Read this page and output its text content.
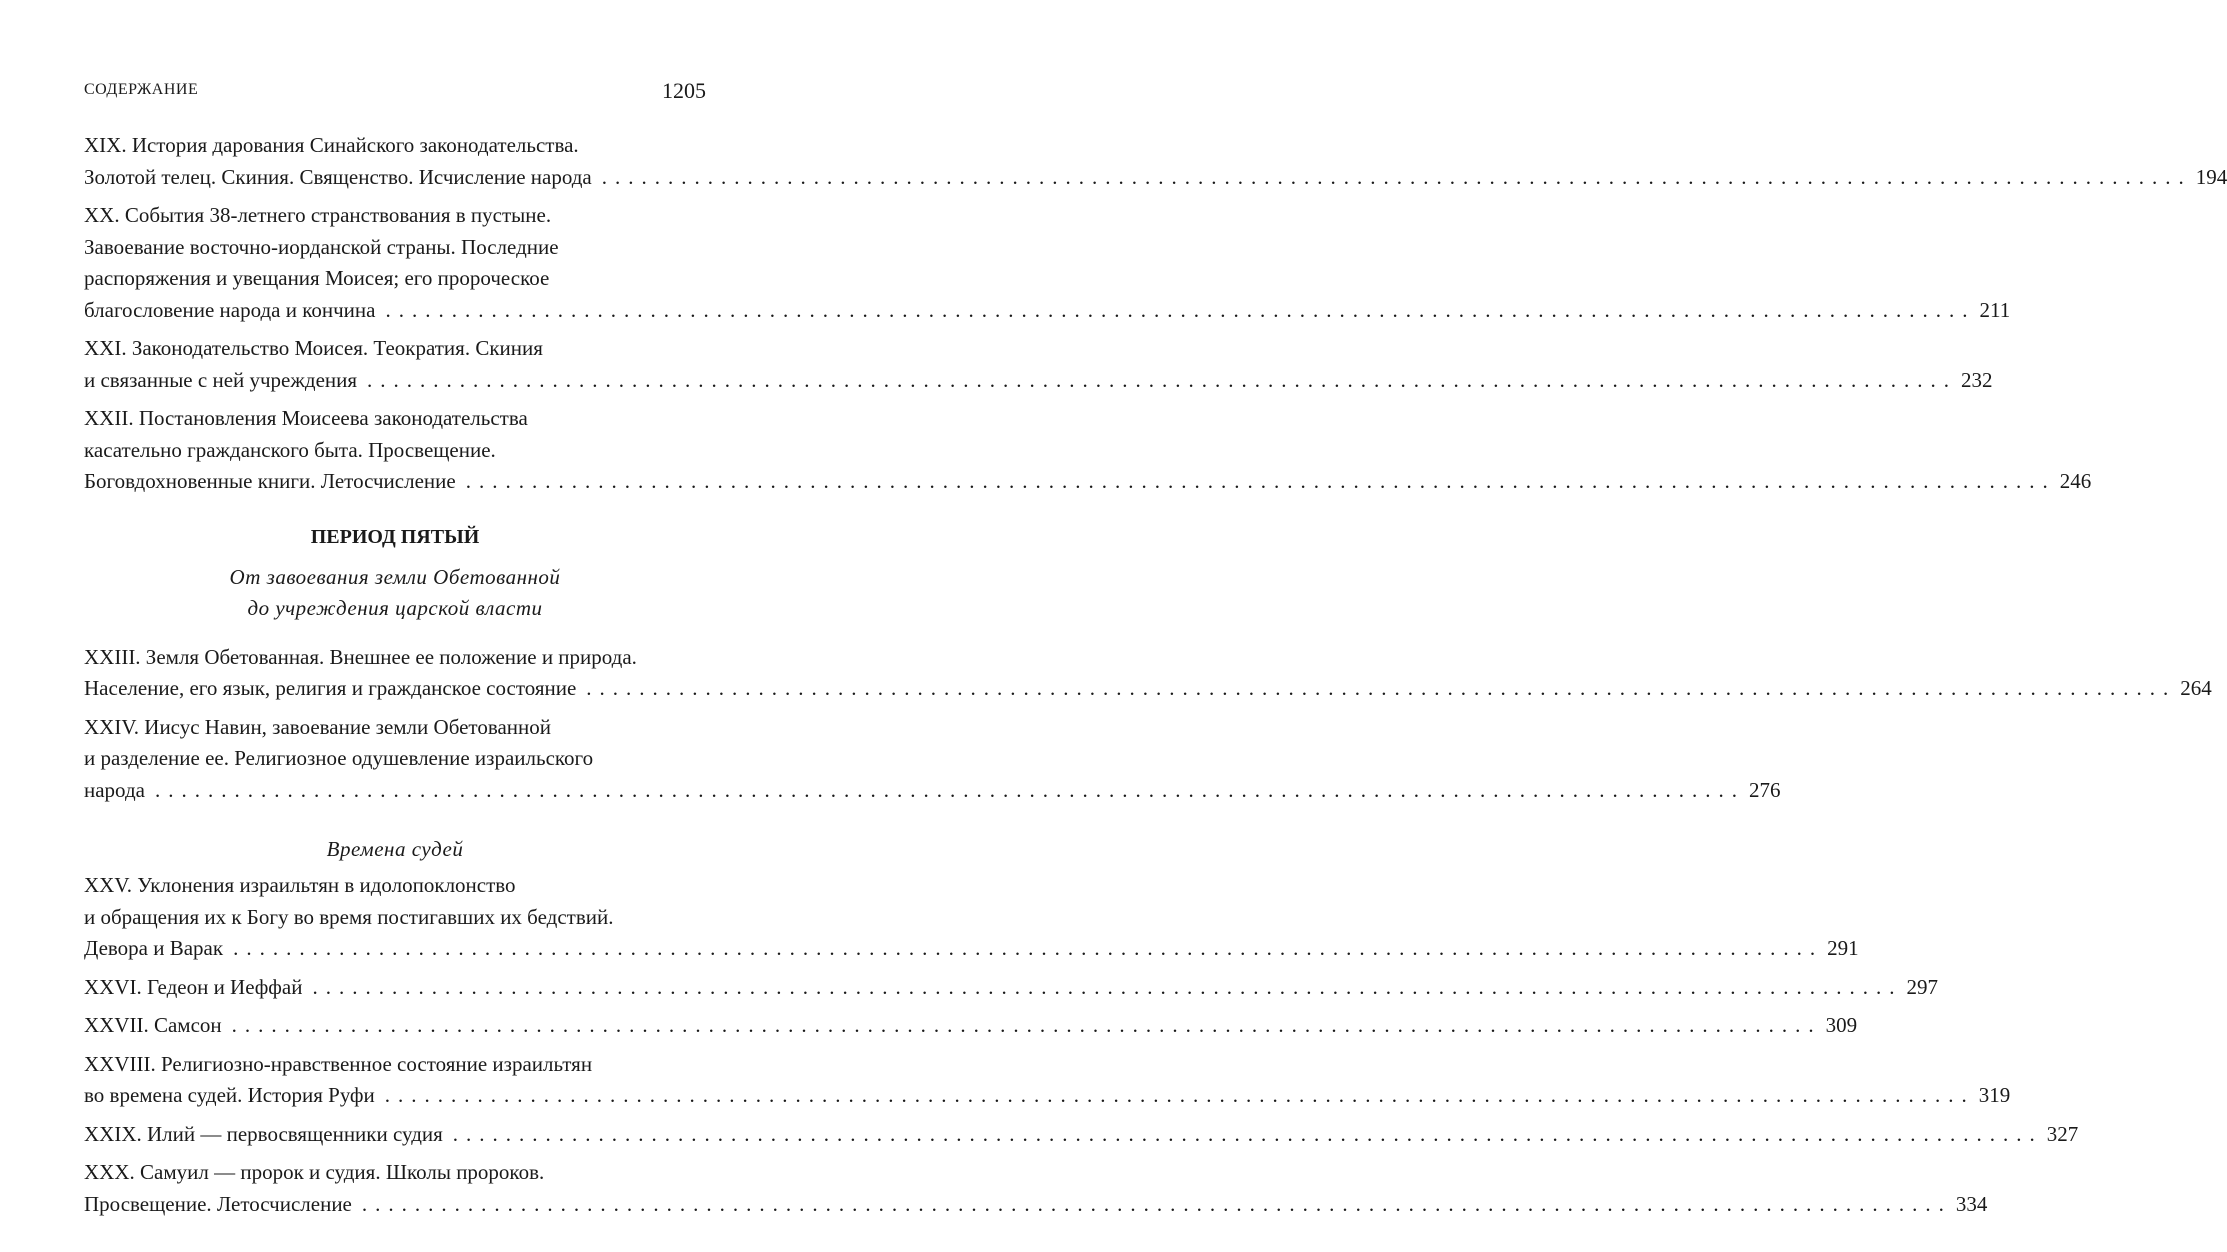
СОДЕРЖАНИЕ	1205
XIX. История дарования Синайского законодательства.
Золотой телец. Скиния. Священство. Исчисление народа ........................................................................................................................ 194
XX. События 38-летнего странствования в пустыне.
Завоевание восточно-иорданской страны. Последние
распоряжения и увещания Моисея; его пророческое
благословение народа и кончина ........................................................................................................................ 211
XXI. Законодательство Моисея. Теократия. Скиния
и связанные с ней учреждения ........................................................................................................................ 232
XXII. Постановления Моисеева законодательства
касательно гражданского быта. Просвещение.
Боговдохновенные книги. Летосчисление ........................................................................................................................ 246
ПЕРИОД ПЯТЫЙ
От завоевания земли Обетованной
до учреждения царской власти
XXIII. Земля Обетованная. Внешнее ее положение и природа.
Население, его язык, религия и гражданское состояние ........................................................................................................................ 264
XXIV. Иисус Навин, завоевание земли Обетованной
и разделение ее. Религиозное одушевление израильского
народа ........................................................................................................................ 276
Времена судей
XXV. Уклонения израильтян в идолопоклонство
и обращения их к Богу во время постигавших их бедствий.
Девора и Варак ........................................................................................................................ 291
XXVI. Гедеон и Иеффай ........................................................................................................................ 297
XXVII. Самсон ........................................................................................................................ 309
XXVIII. Религиозно-нравственное состояние израильтян
во времена судей. История Руфи ........................................................................................................................ 319
XXIX. Илий — первосвященники судия ........................................................................................................................ 327
XXX. Самуил — пророк и судия. Школы пророков.
Просвещение. Летосчисление ........................................................................................................................ 334
